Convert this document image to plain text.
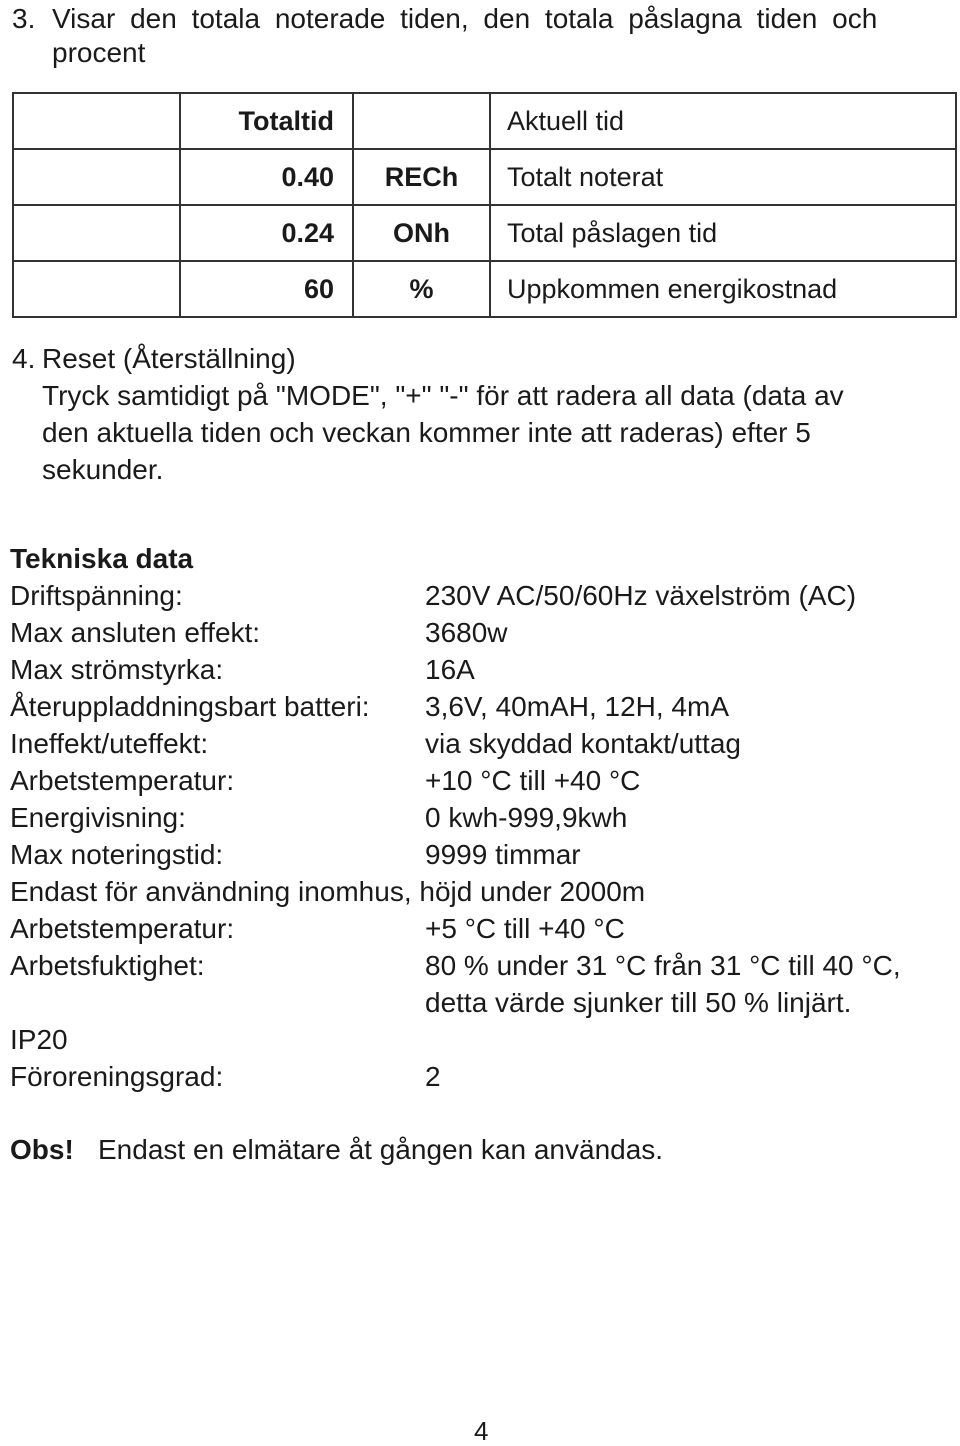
3. Visar den totala noterade tiden, den totala påslagna tiden och
procent
	Totaltid		Aktuell tid
	0.40	RECh	Totalt noterat
	0.24	ONh	Total påslagen tid
	60	%	Uppkommen energikostnad
4. Reset (Återställning)
Tryck samtidigt på "MODE", "+" "-" för att radera all data (data av
den aktuella tiden och veckan kommer inte att raderas) efter 5
sekunder.
Tekniska data
Driftspänning:	230V AC/50/60Hz växelström (AC)
Max ansluten effekt:	3680w
Max strömstyrka:	16A
Återuppladdningsbart batteri: 3,6V, 40mAH, 12H, 4mA
Ineffekt/uteffekt:	via skyddad kontakt/uttag
Arbetstemperatur:	+10 °C till +40 °C
Energivisning:	0 kwh-999,9kwh
Max noteringstid:	9999 timmar
Endast för användning inomhus, höjd under 2000m
Arbetstemperatur:	+5 °C till +40 °C
Arbetsfuktighet:	80 % under 31 °C från 31 °C till 40 °C,
detta värde sjunker till 50 % linjärt.
IP20
Föroreningsgrad:	2
Obs! Endast en elmätare åt gången kan användas.
4
